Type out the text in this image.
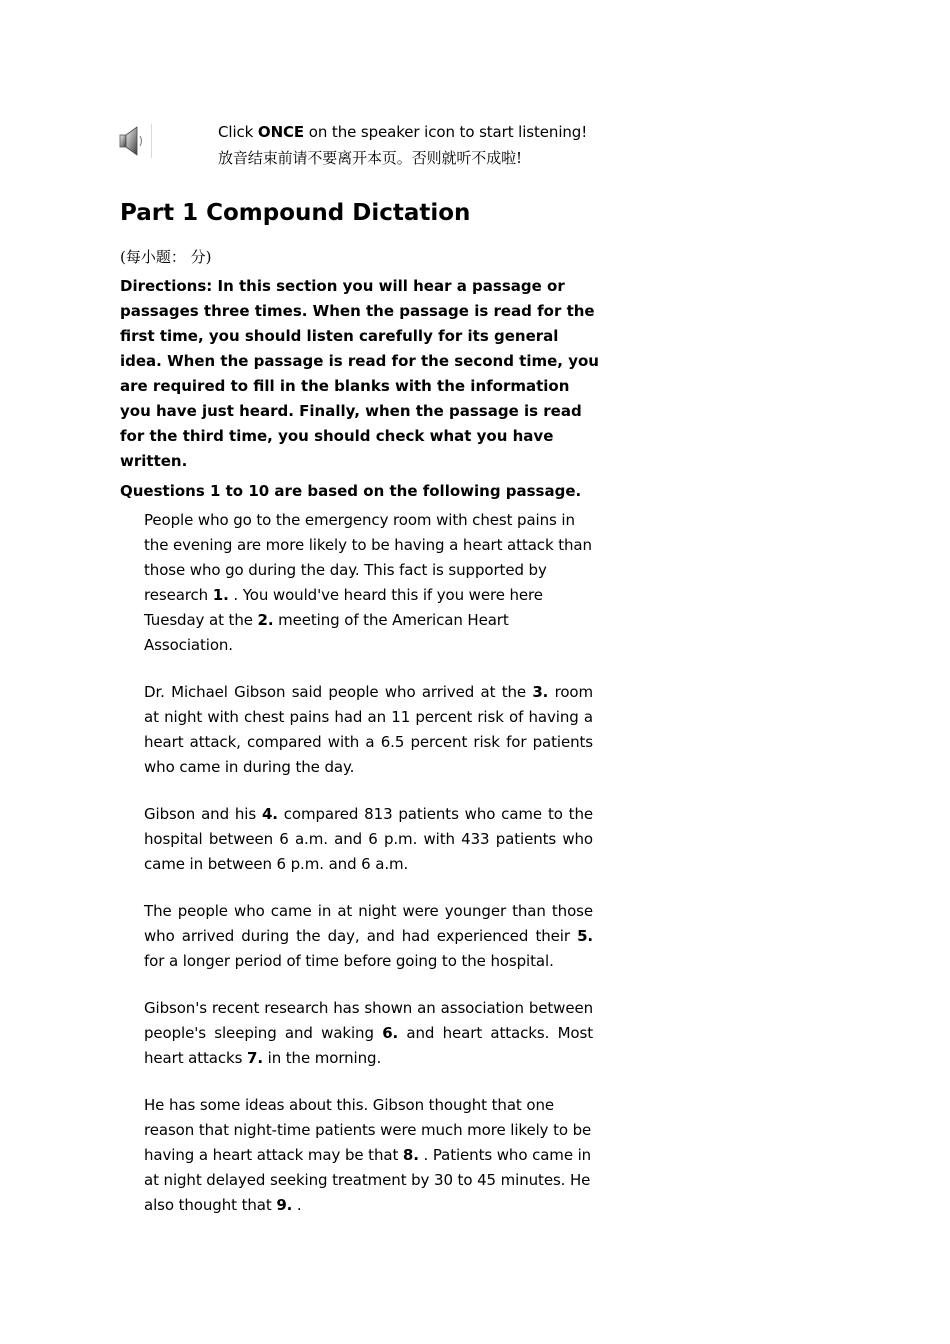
Click ONCE on the speaker icon to start listening!
放音结束前请不要离开本页。否则就听不成啦!
Part 1 Compound Dictation
(每小题： 分)

Directions: In this section you will hear a passage or passages three times. When the passage is read for the first time, you should listen carefully for its general idea. When the passage is read for the second time, you are required to fill in the blanks with the information you have just heard. Finally, when the passage is read for the third time, you should check what you have written.

Questions 1 to 10 are based on the following passage.

People who go to the emergency room with chest pains in the evening are more likely to be having a heart attack than those who go during the day. This fact is supported by research 1. . You would've heard this if you were here Tuesday at the 2. meeting of the American Heart Association.

Dr. Michael Gibson said people who arrived at the 3. room at night with chest pains had an 11 percent risk of having a heart attack, compared with a 6.5 percent risk for patients who came in during the day.

Gibson and his 4. compared 813 patients who came to the hospital between 6 a.m. and 6 p.m. with 433 patients who came in between 6 p.m. and 6 a.m.

The people who came in at night were younger than those who arrived during the day, and had experienced their 5. for a longer period of time before going to the hospital.

Gibson's recent research has shown an association between people's sleeping and waking 6. and heart attacks. Most heart attacks 7. in the morning.

He has some ideas about this. Gibson thought that one reason that night-time patients were much more likely to be having a heart attack may be that 8. . Patients who came in at night delayed seeking treatment by 30 to 45 minutes. He also thought that 9. .
